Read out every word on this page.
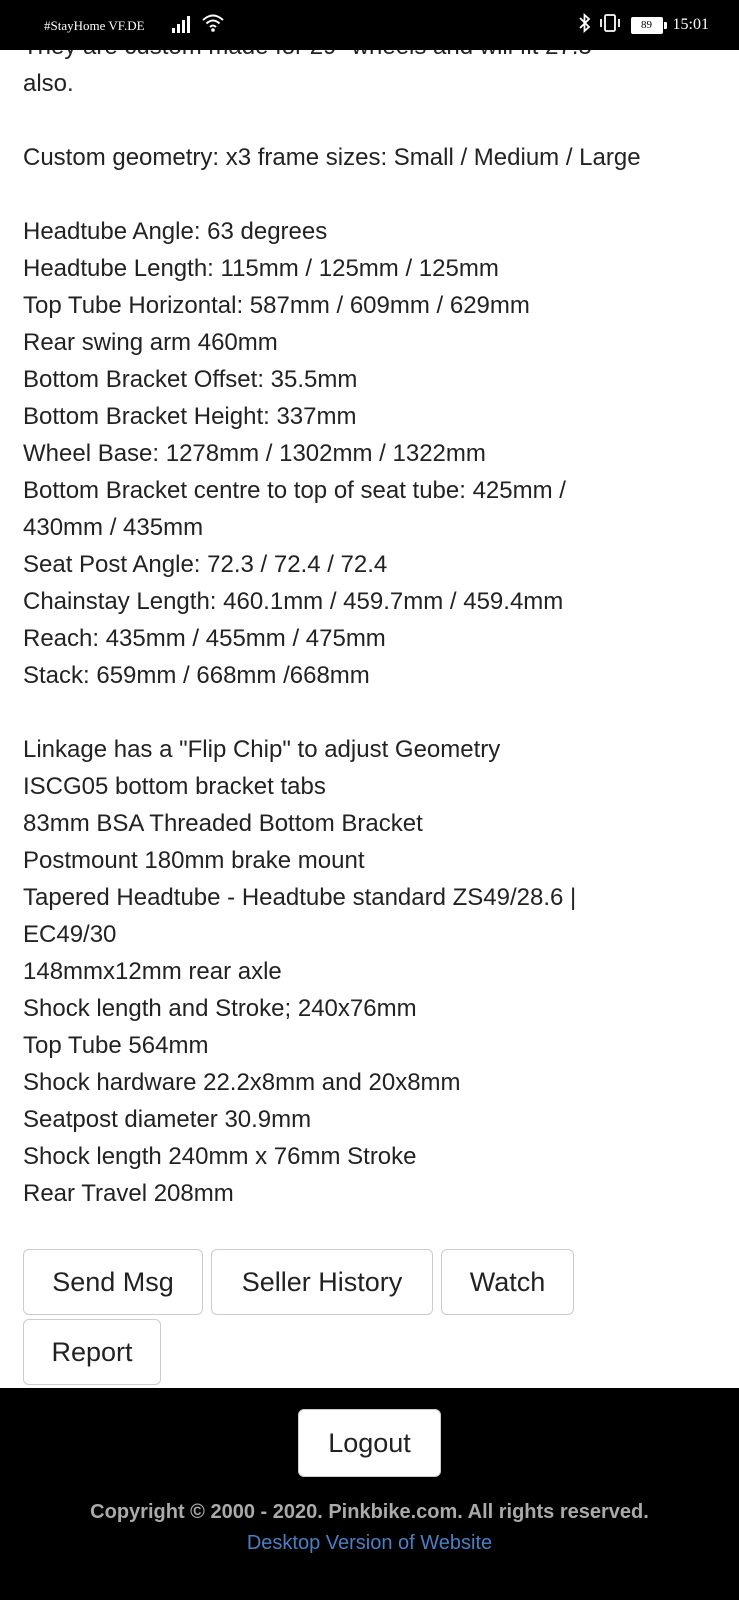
#StayHome VF.DE	89	15:01

also.

Custom geometry: x3 frame sizes: Small / Medium / Large

Headtube Angle: 63 degrees

Headtube Length: 115mm / 125mm / 125mm

Top Tube Horizontal: 587mm / 609mm / 629mm

Rear swing arm 460mm

Bottom Bracket Offset: 35.5mm

Bottom Bracket Height: 337mm

Wheel Base: 1278mm / 1302mm / 1322mm

Bottom Bracket centre to top of seat tube: 425mm /

430mm / 435mm

Seat Post Angle: 72.3 / 72.4 / 72.4

Chainstay Length: 460.1mm / 459.7mm / 459.4mm

Reach: 435mm / 455mm / 475mm

Stack: 659mm / 668mm /668mm

Linkage has a "Flip Chip" to adjust Geometry

ISCG05 bottom bracket tabs

83mm BSA Threaded Bottom Bracket

Postmount 180mm brake mount

Tapered Headtube - Headtube standard ZS49/28.6 |

EC49/30

148mmx12mm rear axle

Shock length and Stroke; 240x76mm

Top Tube 564mm

Shock hardware 22.2x8mm and 20x8mm

Seatpost diameter 30.9mm

Shock length 240mm x 76mm Stroke

Rear Travel 208mm

Send Msg	Seller History	Watch
Report
Logout
Copyright © 2000 - 2020. Pinkbike.com. All rights reserved.
Desktop Version of Website
